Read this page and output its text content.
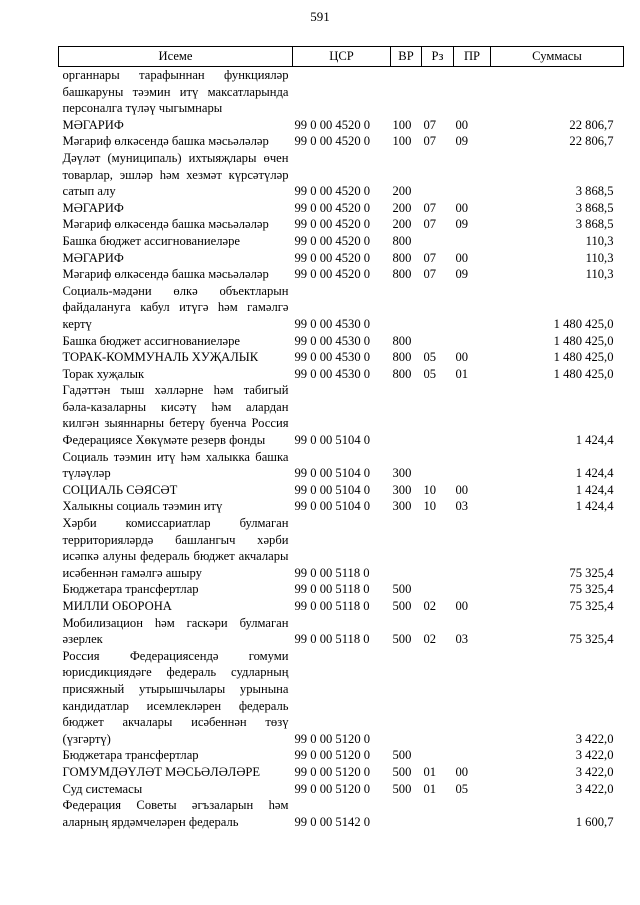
591
Исеме	ЦСР	ВР	Рз	ПР	Суммасы
органнары тарафыннан функцияләр башкаруны тәэмин итү максатларында персоналга түләү чыгымнары					
МӘГАРИФ	99 0 00 4520 0	100	07	00	22 806,7
Мәгариф өлкәсендә башка мәсьәләләр	99 0 00 4520 0	100	07	09	22 806,7
Дәүләт (муниципаль) ихтыяҗлары өчен товарлар, эшләр һәм хезмәт күрсәтүләр сатып алу	99 0 00 4520 0	200			3 868,5
МӘГАРИФ	99 0 00 4520 0	200	07	00	3 868,5
Мәгариф өлкәсендә башка мәсьәләләр	99 0 00 4520 0	200	07	09	3 868,5
Башка бюджет ассигнованиеләре	99 0 00 4520 0	800			110,3
МӘГАРИФ	99 0 00 4520 0	800	07	00	110,3
Мәгариф өлкәсендә башка мәсьәләләр	99 0 00 4520 0	800	07	09	110,3
Социаль-мәдәни өлкә объектларын файдалануга кабул итүгә һәм гамәлгә кертү	99 0 00 4530 0				1 480 425,0
Башка бюджет ассигнованиеләре	99 0 00 4530 0	800			1 480 425,0
ТОРАК-КОММУНАЛЬ ХУҖАЛЫК	99 0 00 4530 0	800	05	00	1 480 425,0
Торак хуҗалык	99 0 00 4530 0	800	05	01	1 480 425,0
Гадәттән тыш хәлләрне һәм табигый бәла-казаларны кисәтү һәм алардан килгән зыяннарны бетерү буенча Россия Федерациясе Хөкүмәте резерв фонды	99 0 00 5104 0				1 424,4
Социаль тәэмин итү һәм халыкка башка түләүләр	99 0 00 5104 0	300			1 424,4
СОЦИАЛЬ СӘЯСӘТ	99 0 00 5104 0	300	10	00	1 424,4
Халыкны социаль тәэмин итү	99 0 00 5104 0	300	10	03	1 424,4
Хәрби комиссариатлар булмаган территорияләрдә башлангыч хәрби исәпкә алуны федераль бюджет акчалары исәбеннән гамәлгә ашыру	99 0 00 5118 0				75 325,4
Бюджетара трансфертлар	99 0 00 5118 0	500			75 325,4
МИЛЛИ ОБОРОНА	99 0 00 5118 0	500	02	00	75 325,4
Мобилизацион һәм гаскәри булмаган әзерлек	99 0 00 5118 0	500	02	03	75 325,4
Россия Федерациясендә гомуми юрисдикциядәге федераль судларның присяжный утырышчылары урынына кандидатлар исемлекләрен федераль бюджет акчалары исәбеннән төзү (үзгәртү)	99 0 00 5120 0				3 422,0
Бюджетара трансфертлар	99 0 00 5120 0	500			3 422,0
ГОМУМДӘҮЛӘТ МӘСЬӘЛӘЛӘРЕ	99 0 00 5120 0	500	01	00	3 422,0
Суд системасы	99 0 00 5120 0	500	01	05	3 422,0
Федерация Советы әгъзаларын һәм аларның ярдәмчеләрен федераль	99 0 00 5142 0				1 600,7
